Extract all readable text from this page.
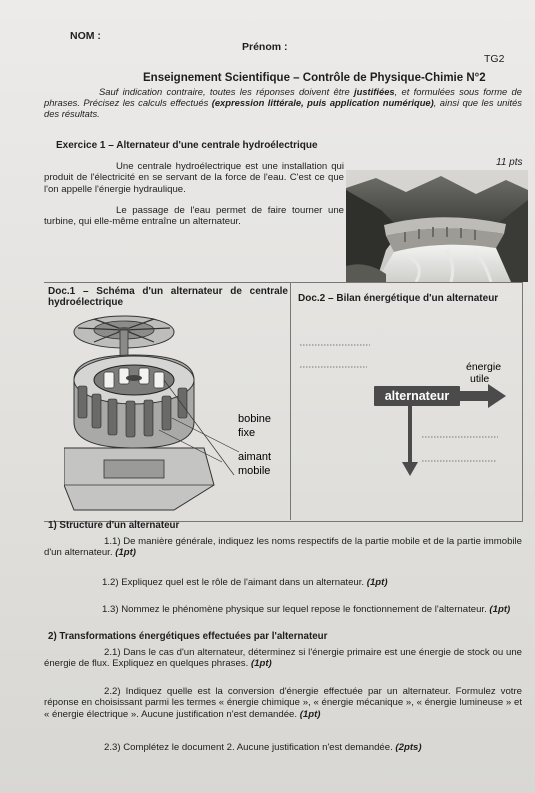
NOM :
Prénom :
TG2
Enseignement Scientifique – Contrôle de Physique-Chimie N°2
Sauf indication contraire, toutes les réponses doivent être justifiées, et formulées sous forme de phrases. Précisez les calculs effectués (expression littérale, puis application numérique), ainsi que les unités des résultats.
Exercice 1 – Alternateur d'une centrale hydroélectrique
11 pts

Une centrale hydroélectrique est une installation qui produit de l'électricité en se servant de la force de l'eau. C'est ce que l'on appelle l'énergie hydraulique.

Le passage de l'eau permet de faire tourner une turbine, qui elle-même entraîne un alternateur.

Doc.1 – Schéma d'un alternateur de centrale hydroélectrique	Doc.2 – Bilan énergétique d'un alternateur
bobine
fixe
aimant
mobile
alternateur
énergie
utile
1) Structure d'un alternateur

1.1) De manière générale, indiquez les noms respectifs de la partie mobile et de la partie immobile d'un alternateur. (1pt)

1.2) Expliquez quel est le rôle de l'aimant dans un alternateur. (1pt)

1.3) Nommez le phénomène physique sur lequel repose le fonctionnement de l'alternateur. (1pt)

2) Transformations énergétiques effectuées par l'alternateur

2.1) Dans le cas d'un alternateur, déterminez si l'énergie primaire est une énergie de stock ou une énergie de flux. Expliquez en quelques phrases. (1pt)

2.2) Indiquez quelle est la conversion d'énergie effectuée par un alternateur. Formulez votre réponse en choisissant parmi les termes « énergie chimique », « énergie mécanique », « énergie lumineuse » et « énergie électrique ». Aucune justification n'est demandée. (1pt)

2.3) Complétez le document 2. Aucune justification n'est demandée. (2pts)
